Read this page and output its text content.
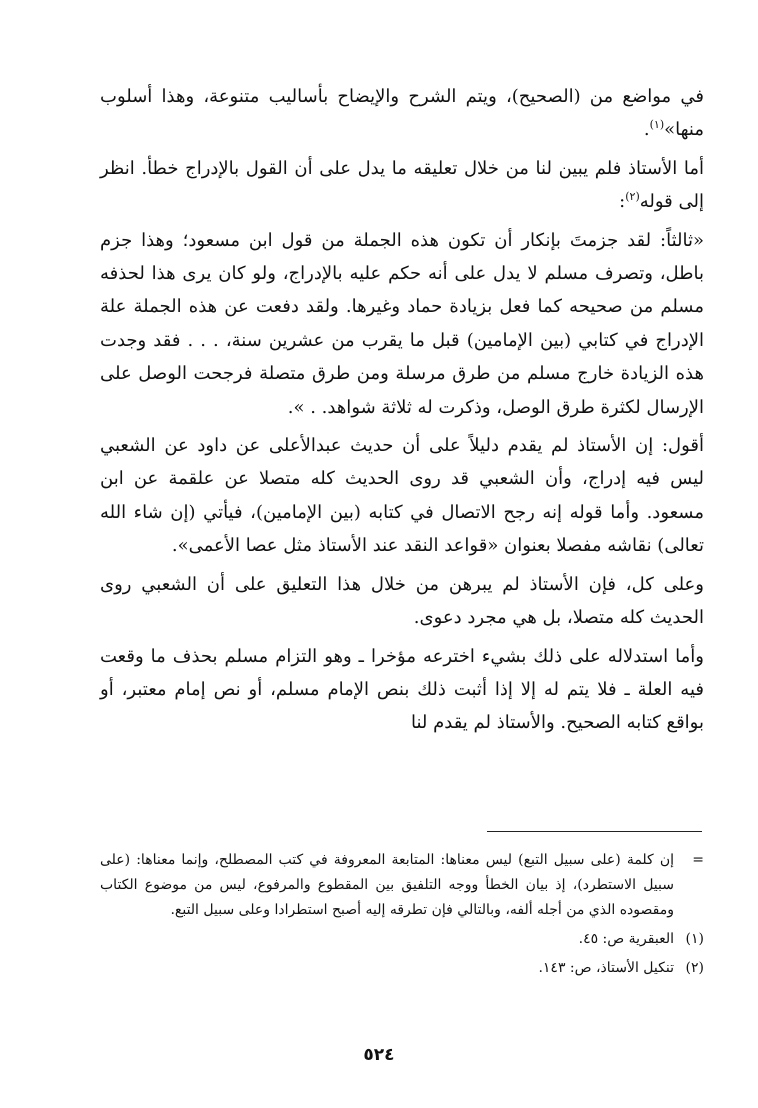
في مواضع من (الصحيح)، ويتم الشرح والإيضاح بأساليب متنوعة، وهذا أسلوب منها»$^{(١)}$.

أما الأستاذ فلم يبين لنا من خلال تعليقه ما يدل على أن القول بالإدراج خطأ. انظر إلى قوله$^{(٢)}$:

«ثالثاً: لقد جزمتَ بإنكار أن تكون هذه الجملة من قول ابن مسعود؛ وهذا جزم باطل، وتصرف مسلم لا يدل على أنه حكم عليه بالإدراج، ولو كان يرى هذا لحذفه مسلم من صحيحه كما فعل بزيادة حماد وغيرها. ولقد دفعت عن هذه الجملة علة الإدراج في كتابي (بين الإمامين) قبل ما يقرب من عشرين سنة، . . . فقد وجدت هذه الزيادة خارج مسلم من طرق مرسلة ومن طرق متصلة فرجحت الوصل على الإرسال لكثرة طرق الوصل، وذكرت له ثلاثة شواهد. . ».

أقول: إن الأستاذ لم يقدم دليلاً على أن حديث عبدالأعلى عن داود عن الشعبي ليس فيه إدراج، وأن الشعبي قد روى الحديث كله متصلا عن علقمة عن ابن مسعود. وأما قوله إنه رجح الاتصال في كتابه (بين الإمامين)، فيأتي (إن شاء الله تعالى) نقاشه مفصلا بعنوان «قواعد النقد عند الأستاذ مثل عصا الأعمى».

وعلى كل، فإن الأستاذ لم يبرهن من خلال هذا التعليق على أن الشعبي روى الحديث كله متصلا، بل هي مجرد دعوى.

وأما استدلاله على ذلك بشيء اخترعه مؤخرا ـ وهو التزام مسلم بحذف ما وقعت فيه العلة ـ فلا يتم له إلا إذا أثبت ذلك بنص الإمام مسلم، أو نص إمام معتبر، أو بواقع كتابه الصحيح. والأستاذ لم يقدم لنا

=
إن كلمة (على سبيل التبع) ليس معناها: المتابعة المعروفة في كتب المصطلح، وإنما معناها: (على سبيل الاستطرد)، إذ بيان الخطأ ووجه التلفيق بين المقطوع والمرفوع، ليس من موضوع الكتاب ومقصوده الذي من أجله ألفه، وبالتالي فإن تطرقه إليه أصبح استطرادا وعلى سبيل التبع.

(١)
العبقرية ص: ٤٥.

(٢)
تنكيل الأستاذ، ص: ١٤٣.

٥٢٤
